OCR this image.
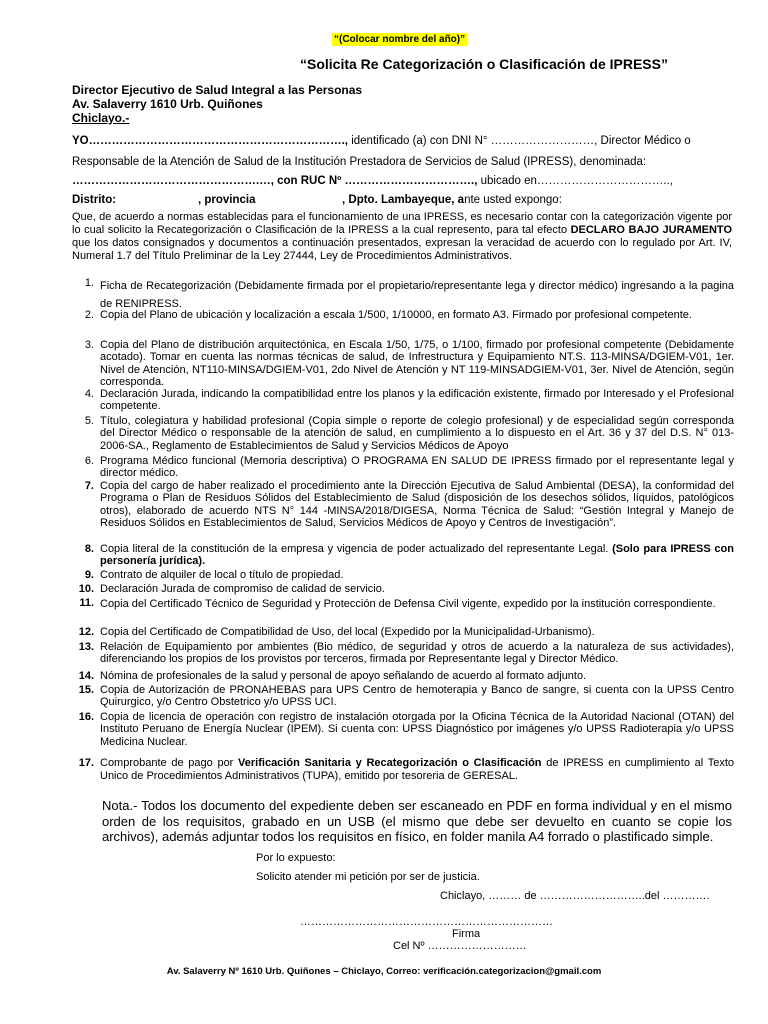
“(Colocar nombre del año)”
“Solicita Re Categorización o Clasificación de IPRESS”
Director Ejecutivo de Salud Integral a las Personas
Av. Salaverry 1610 Urb. Quiñones
Chiclayo.-
YO…………………………………………………………., identificado (a) con DNI N° ………………………, Director Médico o
Responsable de la Atención de Salud de la Institución Prestadora de Servicios de Salud (IPRESS), denominada:
………………………………………….…, con RUC Nº ……………………………., ubicado en……………………………..,
Distrito:	, provincia	, Dpto. Lambayeque, ante usted expongo:
Que, de acuerdo a normas establecidas para el funcionamiento de una IPRESS, es necesario contar con la categorización vigente por lo cual solicito la Recategorización o Clasificación de la IPRESS a la cual represento, para tal efecto DECLARO BAJO JURAMENTO que los datos consignados y documentos a continuación presentados, expresan la veracidad de acuerdo con lo regulado por Art. IV, Numeral 1.7 del Título Preliminar de la Ley 27444, Ley de Procedimientos Administrativos.
1. Ficha de Recategorización (Debidamente firmada por el propietario/representante lega y director médico) ingresando a la pagina de RENIPRESS.
2. Copia del Plano de ubicación y localización a escala 1/500, 1/10000, en formato A3. Firmado por profesional competente.
3. Copia del Plano de distribución arquitectónica, en Escala 1/50, 1/75, o 1/100, firmado por profesional competente (Debidamente acotado). Tomar en cuenta las normas técnicas de salud, de Infrestructura y Equipamiento NT.S. 113-MINSA/DGIEM-V01, 1er. Nivel de Atención, NT110-MINSA/DGIEM-V01, 2do Nivel de Atención y NT 119-MINSADGIEM-V01, 3er. Nivel de Atención, según corresponda.
4. Declaración Jurada, indicando la compatibilidad entre los planos y la edificación existente, firmado por Interesado y el Profesional competente.
5. Título, colegiatura y habilidad profesional (Copia simple o reporte de colegio profesional) y de especialidad según corresponda del Director Médico o responsable de la atención de salud, en cumplimiento a lo dispuesto en el Art. 36 y 37 del D.S. N° 013-2006-SA., Reglamento de Establecimientos de Salud y Servicios Médicos de Apoyo
6. Programa Médico funcional (Memoria descriptiva) O PROGRAMA EN SALUD DE IPRESS firmado por el representante legal y director médico.
7. Copia del cargo de haber realizado el procedimiento ante la Dirección Ejecutiva de Salud Ambiental (DESA), la conformidad del Programa o Plan de Residuos Sólidos del Establecimiento de Salud (disposición de los desechos sólidos, líquidos, patológicos otros), elaborado de acuerdo NTS N° 144 -MINSA/2018/DIGESA, Norma Técnica de Salud: “Gestión Integral y Manejo de Residuos Sólidos en Establecimientos de Salud, Servicios Médicos de Apoyo y Centros de Investigación”.
8. Copia literal de la constitución de la empresa y vigencia de poder actualizado del representante Legal. (Solo para IPRESS con personería jurídica).
9. Contrato de alquiler de local o título de propiedad.
10. Declaración Jurada de compromiso de calidad de servicio.
11. Copia del Certificado Técnico de Seguridad y Protección de Defensa Civil vigente, expedido por la institución correspondiente.
12. Copia del Certificado de Compatibilidad de Uso, del local (Expedido por la Municipalidad-Urbanismo).
13. Relación de Equipamiento por ambientes (Bio médico, de seguridad y otros de acuerdo a la naturaleza de sus actividades), diferenciando los propios de los provistos por terceros, firmada por Representante legal y Director Médico.
14. Nómina de profesionales de la salud y personal de apoyo señalando de acuerdo al formato adjunto.
15. Copia de Autorización de PRONAHEBAS para UPS Centro de hemoterapia y Banco de sangre, si cuenta con la UPSS Centro Quirurgico, y/o Centro Obstetrico y/o UPSS UCI.
16. Copia de licencia de operación con registro de instalación otorgada por la Oficina Técnica de la Autoridad Nacional (OTAN) del Instituto Peruano de Energía Nuclear (IPEM). Si cuenta con: UPSS Diagnóstico por imágenes y/o UPSS Radioterapia y/o UPSS Medicina Nuclear.
17. Comprobante de pago por Verificación Sanitaria y Recategorización o Clasificación de IPRESS en cumplimiento al Texto Unico de Procedimientos Administrativos (TUPA), emitido por tesoreria de GERESAL.
Nota.- Todos los documento del expediente deben ser escaneado en PDF en forma individual y en el mismo orden de los requisitos, grabado en un USB (el mismo que debe ser devuelto en cuanto se copie los archivos), además adjuntar todos los requisitos en físico, en folder manila A4 forrado o plastificado simple.
Por lo expuesto:
Solicito atender mi petición por ser de justicia.
Chiclayo, ……… de ………………………..del ………….
……………………………………………………………
Firma
Cel Nº ………………………
Av. Salaverry Nº 1610 Urb. Quiñones – Chiclayo, Correo: verificación.categorizacion@gmail.com
